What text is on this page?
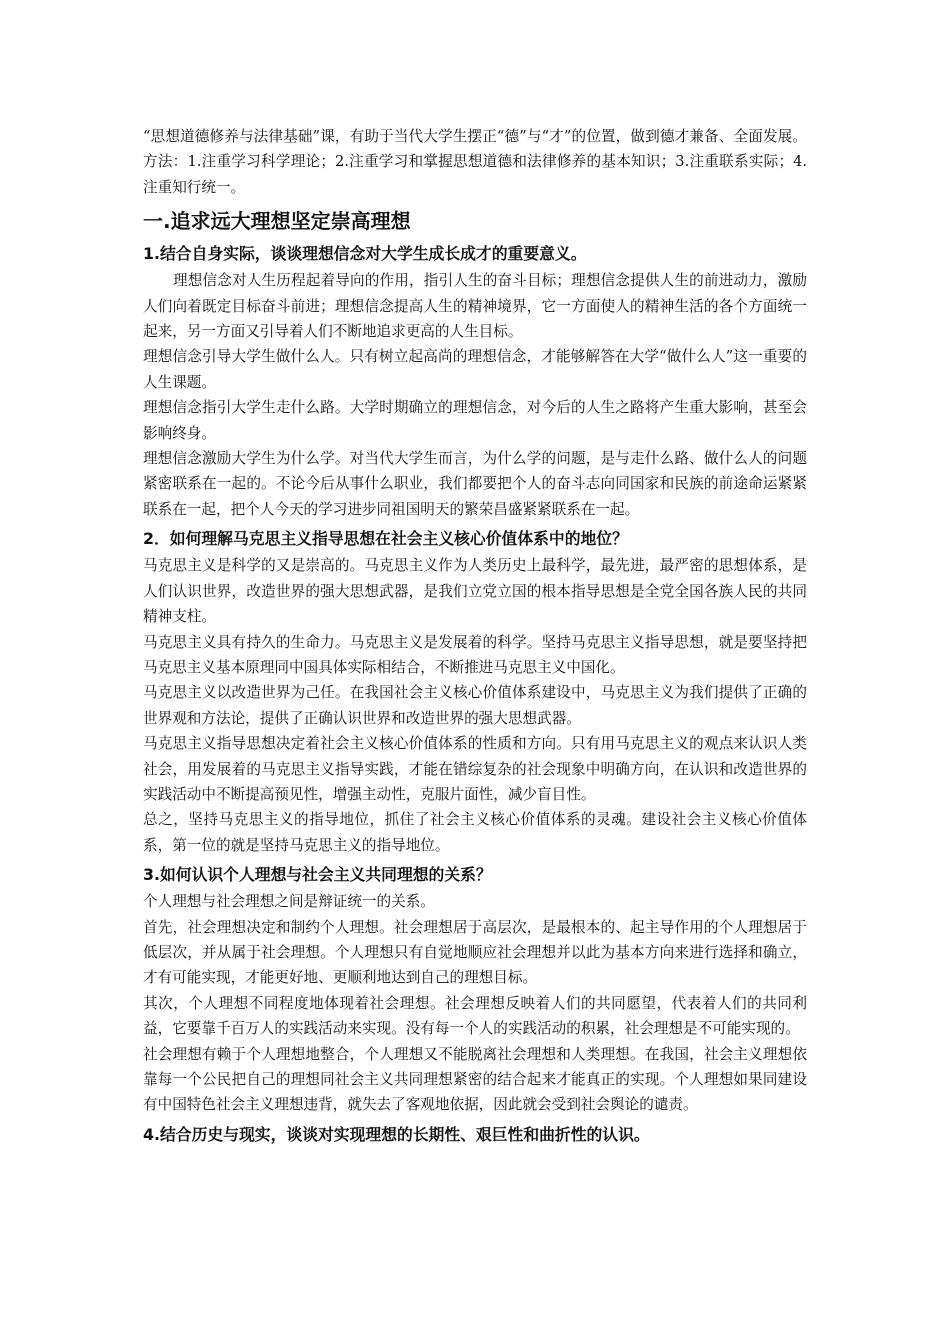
“思想道德修养与法律基础”课，有助于当代大学生摆正“德”与“才”的位置，做到德才兼备、全面发展。方法：1.注重学习科学理论；2.注重学习和掌握思想道德和法律修养的基本知识；3.注重联系实际；4.注重知行统一。

一.追求远大理想坚定崇高理想
1.结合自身实际，谈谈理想信念对大学生成长成才的重要意义。

理想信念对人生历程起着导向的作用，指引人生的奋斗目标；理想信念提供人生的前进动力，激励人们向着既定目标奋斗前进；理想信念提高人生的精神境界，它一方面使人的精神生活的各个方面统一起来，另一方面又引导着人们不断地追求更高的人生目标。

理想信念引导大学生做什么人。只有树立起高尚的理想信念，才能够解答在大学“做什么人”这一重要的人生课题。

理想信念指引大学生走什么路。大学时期确立的理想信念，对今后的人生之路将产生重大影响，甚至会影响终身。

理想信念激励大学生为什么学。对当代大学生而言，为什么学的问题，是与走什么路、做什么人的问题紧密联系在一起的。不论今后从事什么职业，我们都要把个人的奋斗志向同国家和民族的前途命运紧紧联系在一起，把个人今天的学习进步同祖国明天的繁荣昌盛紧紧联系在一起。

2．如何理解马克思主义指导思想在社会主义核心价值体系中的地位？

马克思主义是科学的又是崇高的。马克思主义作为人类历史上最科学，最先进，最严密的思想体系，是人们认识世界，改造世界的强大思想武器，是我们立党立国的根本指导思想是全党全国各族人民的共同精神支柱。

马克思主义具有持久的生命力。马克思主义是发展着的科学。坚持马克思主义指导思想，就是要坚持把马克思主义基本原理同中国具体实际相结合，不断推进马克思主义中国化。

马克思主义以改造世界为己任。在我国社会主义核心价值体系建设中，马克思主义为我们提供了正确的世界观和方法论，提供了正确认识世界和改造世界的强大思想武器。

马克思主义指导思想决定着社会主义核心价值体系的性质和方向。只有用马克思主义的观点来认识人类社会，用发展着的马克思主义指导实践，才能在错综复杂的社会现象中明确方向，在认识和改造世界的实践活动中不断提高预见性，增强主动性，克服片面性，减少盲目性。

总之，坚持马克思主义的指导地位，抓住了社会主义核心价值体系的灵魂。建设社会主义核心价值体系，第一位的就是坚持马克思主义的指导地位。

3.如何认识个人理想与社会主义共同理想的关系？

个人理想与社会理想之间是辩证统一的关系。

首先，社会理想决定和制约个人理想。社会理想居于高层次，是最根本的、起主导作用的个人理想居于低层次，并从属于社会理想。个人理想只有自觉地顺应社会理想并以此为基本方向来进行选择和确立，才有可能实现，才能更好地、更顺利地达到自己的理想目标。

其次，个人理想不同程度地体现着社会理想。社会理想反映着人们的共同愿望，代表着人们的共同利益，它要靠千百万人的实践活动来实现。没有每一个人的实践活动的积累，社会理想是不可能实现的。

社会理想有赖于个人理想地整合，个人理想又不能脱离社会理想和人类理想。在我国，社会主义理想依靠每一个公民把自己的理想同社会主义共同理想紧密的结合起来才能真正的实现。个人理想如果同建设有中国特色社会主义理想违背，就失去了客观地依据，因此就会受到社会舆论的谴责。

4.结合历史与现实，谈谈对实现理想的长期性、艰巨性和曲折性的认识。
